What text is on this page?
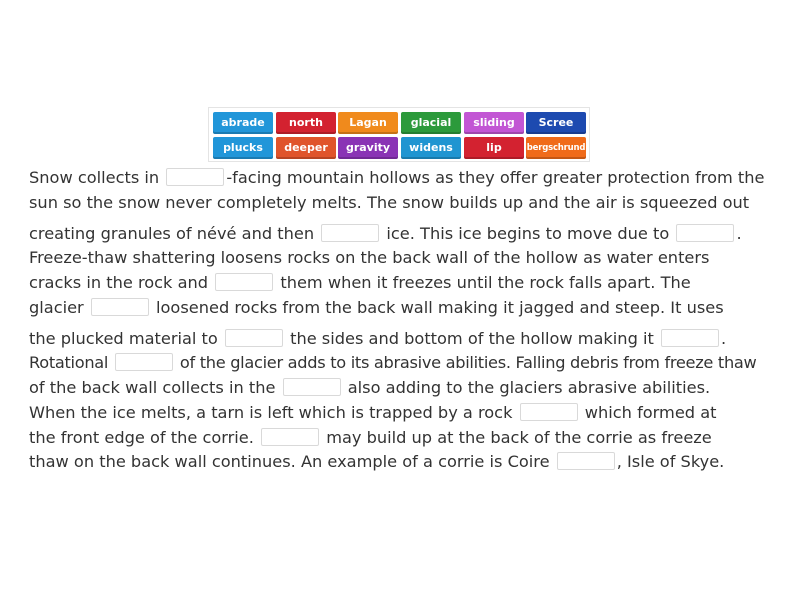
abrade	north	Lagan	glacial	sliding	Scree
plucks	deeper	gravity	widens	lip	bergschrund
Snow collects in	-facing mountain hollows as they offer greater protection from the
sun so the snow never completely melts. The snow builds up and the air is squeezed out
creating granules of névé and then	ice. This ice begins to move due to	.
Freeze-thaw shattering loosens rocks on the back wall of the hollow as water enters
cracks in the rock and	them when it freezes until the rock falls apart. The
glacier	loosened rocks from the back wall making it jagged and steep. It uses
the plucked material to	the sides and bottom of the hollow making it	.
Rotational	of the glacier adds to its abrasive abilities. Falling debris from freeze thaw
of the back wall collects in the	also adding to the glaciers abrasive abilities.
When the ice melts, a tarn is left which is trapped by a rock	which formed at
the front edge of the corrie.	may build up at the back of the corrie as freeze
thaw on the back wall continues. An example of a corrie is Coire	, Isle of Skye.
